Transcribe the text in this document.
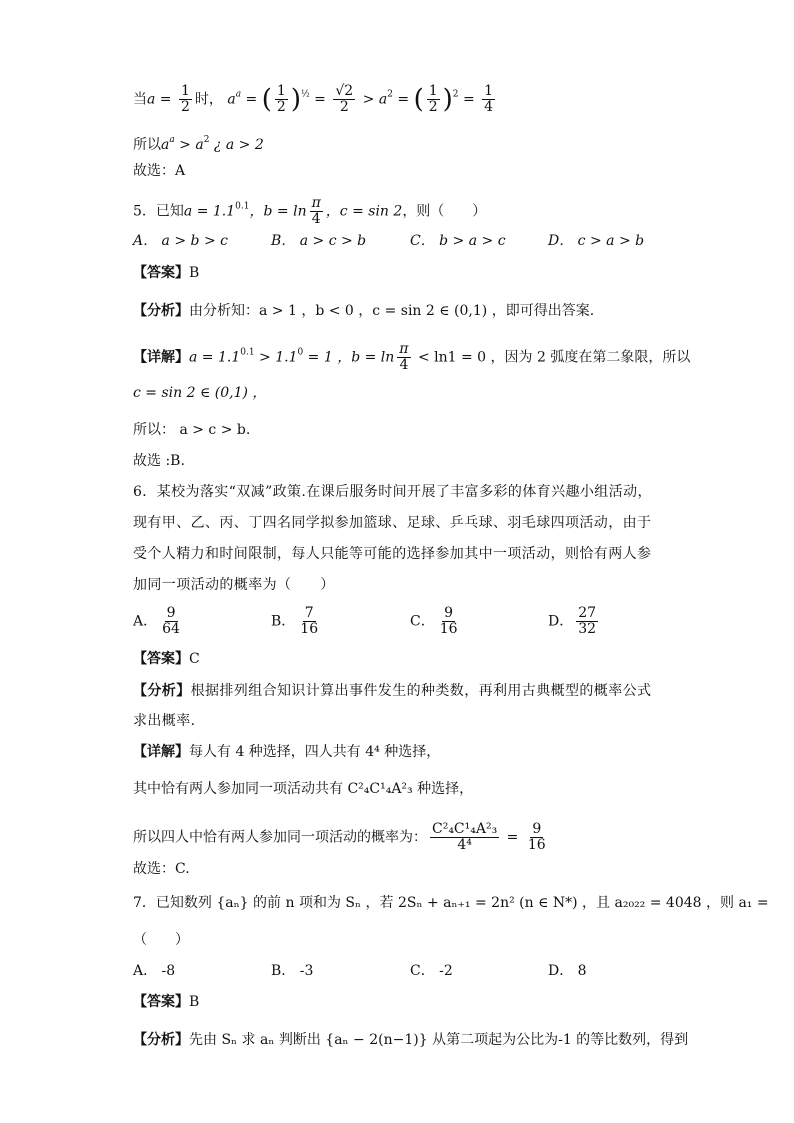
当$a = \frac{1}{2}$ 时， $a^a$ = ( $\frac{1}{2} )^{\frac{1}{2}} = \frac{√2}{2} > a^2$ = ( $\frac{1}{2} )^2 = \frac{1}{4}$
所以$a^a > a^2$ ¿ a > 2
故选：A
5．已知$a = 1.1^{0.1}$，$b = \ln \frac{\pi}{4}$ ，c = sin 2，则（　　）
A． a > b > c	B． a > c > b	C． b > a > c	D． c > a > b
【答案】B
【分析】由分析知：a > 1 ，b < 0 ，c = sin 2 ∈ (0,1) ，即可得出答案.
【详解】$a = 1.1^{0.1} > 1.1^0 = 1$ ，$b = \ln \frac{\pi}{4} < \ln 1 = 0$ ，因为 2 弧度在第二象限，所以
c = sin 2 ∈ (0,1) ，
所以： a > c > b.
故选 :B.
6．某校为落实“双减”政策.在课后服务时间开展了丰富多彩的体育兴趣小组活动，现有甲、乙、丙、丁四名同学拟参加篮球、足球、乒乓球、羽毛球四项活动，由于受个人精力和时间限制，每人只能等可能的选择参加其中一项活动，则恰有两人参加同一项活动的概率为（　　）
A． $\frac{9}{64}$	B． $\frac{7}{16}$	C． $\frac{9}{16}$	D． $\frac{27}{32}$
【答案】C
【分析】根据排列组合知识计算出事件发生的种类数，再利用古典概型的概率公式求出概率.
【详解】每人有 4 种选择，四人共有 4⁴ 种选择，
其中恰有两人参加同一项活动共有 C²₄C¹₄A²₃ 种选择，
所以四人中恰有两人参加同一项活动的概率为： $\frac{\text{C²₄C¹₄A²₃}}{\text{4⁴}} = \frac{9}{16}$
故选：C.
7．已知数列 {aₙ} 的前 n 项和为 Sₙ ，若 2Sₙ + aₙ₊₁ = 2n² (n ∈ N*) ，且 a₂₀₂₂ = 4048 ，则 a₁ =
（　　）
A． -8	B． -3	C． -2	D． 8
【答案】B
【分析】先由 Sₙ 求 aₙ 判断出 {aₙ − 2(n−1)} 从第二项起为公比为-1 的等比数列，得到
